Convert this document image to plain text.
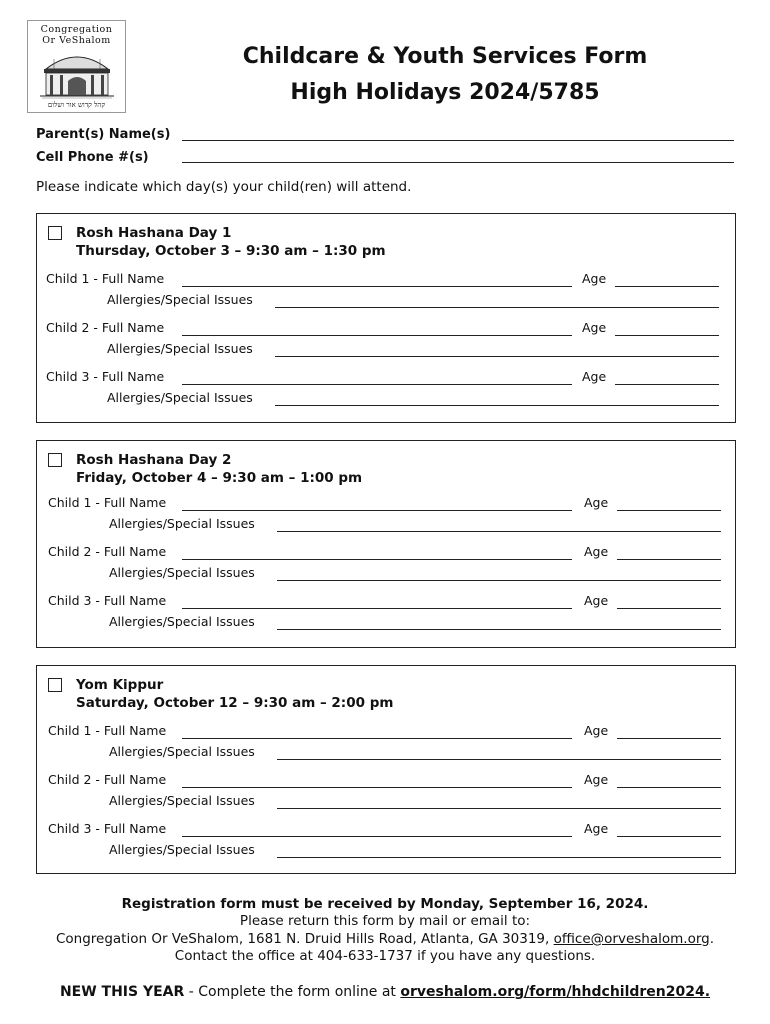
Congregation
Or VeShalom
קהל קדוש אור ושלום
Childcare & Youth Services Form
High Holidays 2024/5785
Parent(s) Name(s)
Cell Phone #(s)
Please indicate which day(s) your child(ren) will attend.
Rosh Hashana Day 1
Thursday, October 3 – 9:30 am – 1:30 pm
Child 1 - Full Name	Age
Allergies/Special Issues
Child 2 - Full Name	Age
Allergies/Special Issues
Child 3 - Full Name	Age
Allergies/Special Issues
Rosh Hashana Day 2
Friday, October 4 – 9:30 am – 1:00 pm
Child 1 - Full Name	Age
Allergies/Special Issues
Child 2 - Full Name	Age
Allergies/Special Issues
Child 3 - Full Name	Age
Allergies/Special Issues
Yom Kippur
Saturday, October 12 – 9:30 am – 2:00 pm
Child 1 - Full Name	Age
Allergies/Special Issues
Child 2 - Full Name	Age
Allergies/Special Issues
Child 3 - Full Name	Age
Allergies/Special Issues
Registration form must be received by Monday, September 16, 2024.
Please return this form by mail or email to:
Congregation Or VeShalom, 1681 N. Druid Hills Road, Atlanta, GA 30319, office@orveshalom.org.
Contact the office at 404-633-1737 if you have any questions.
NEW THIS YEAR - Complete the form online at orveshalom.org/form/hhdchildren2024.
